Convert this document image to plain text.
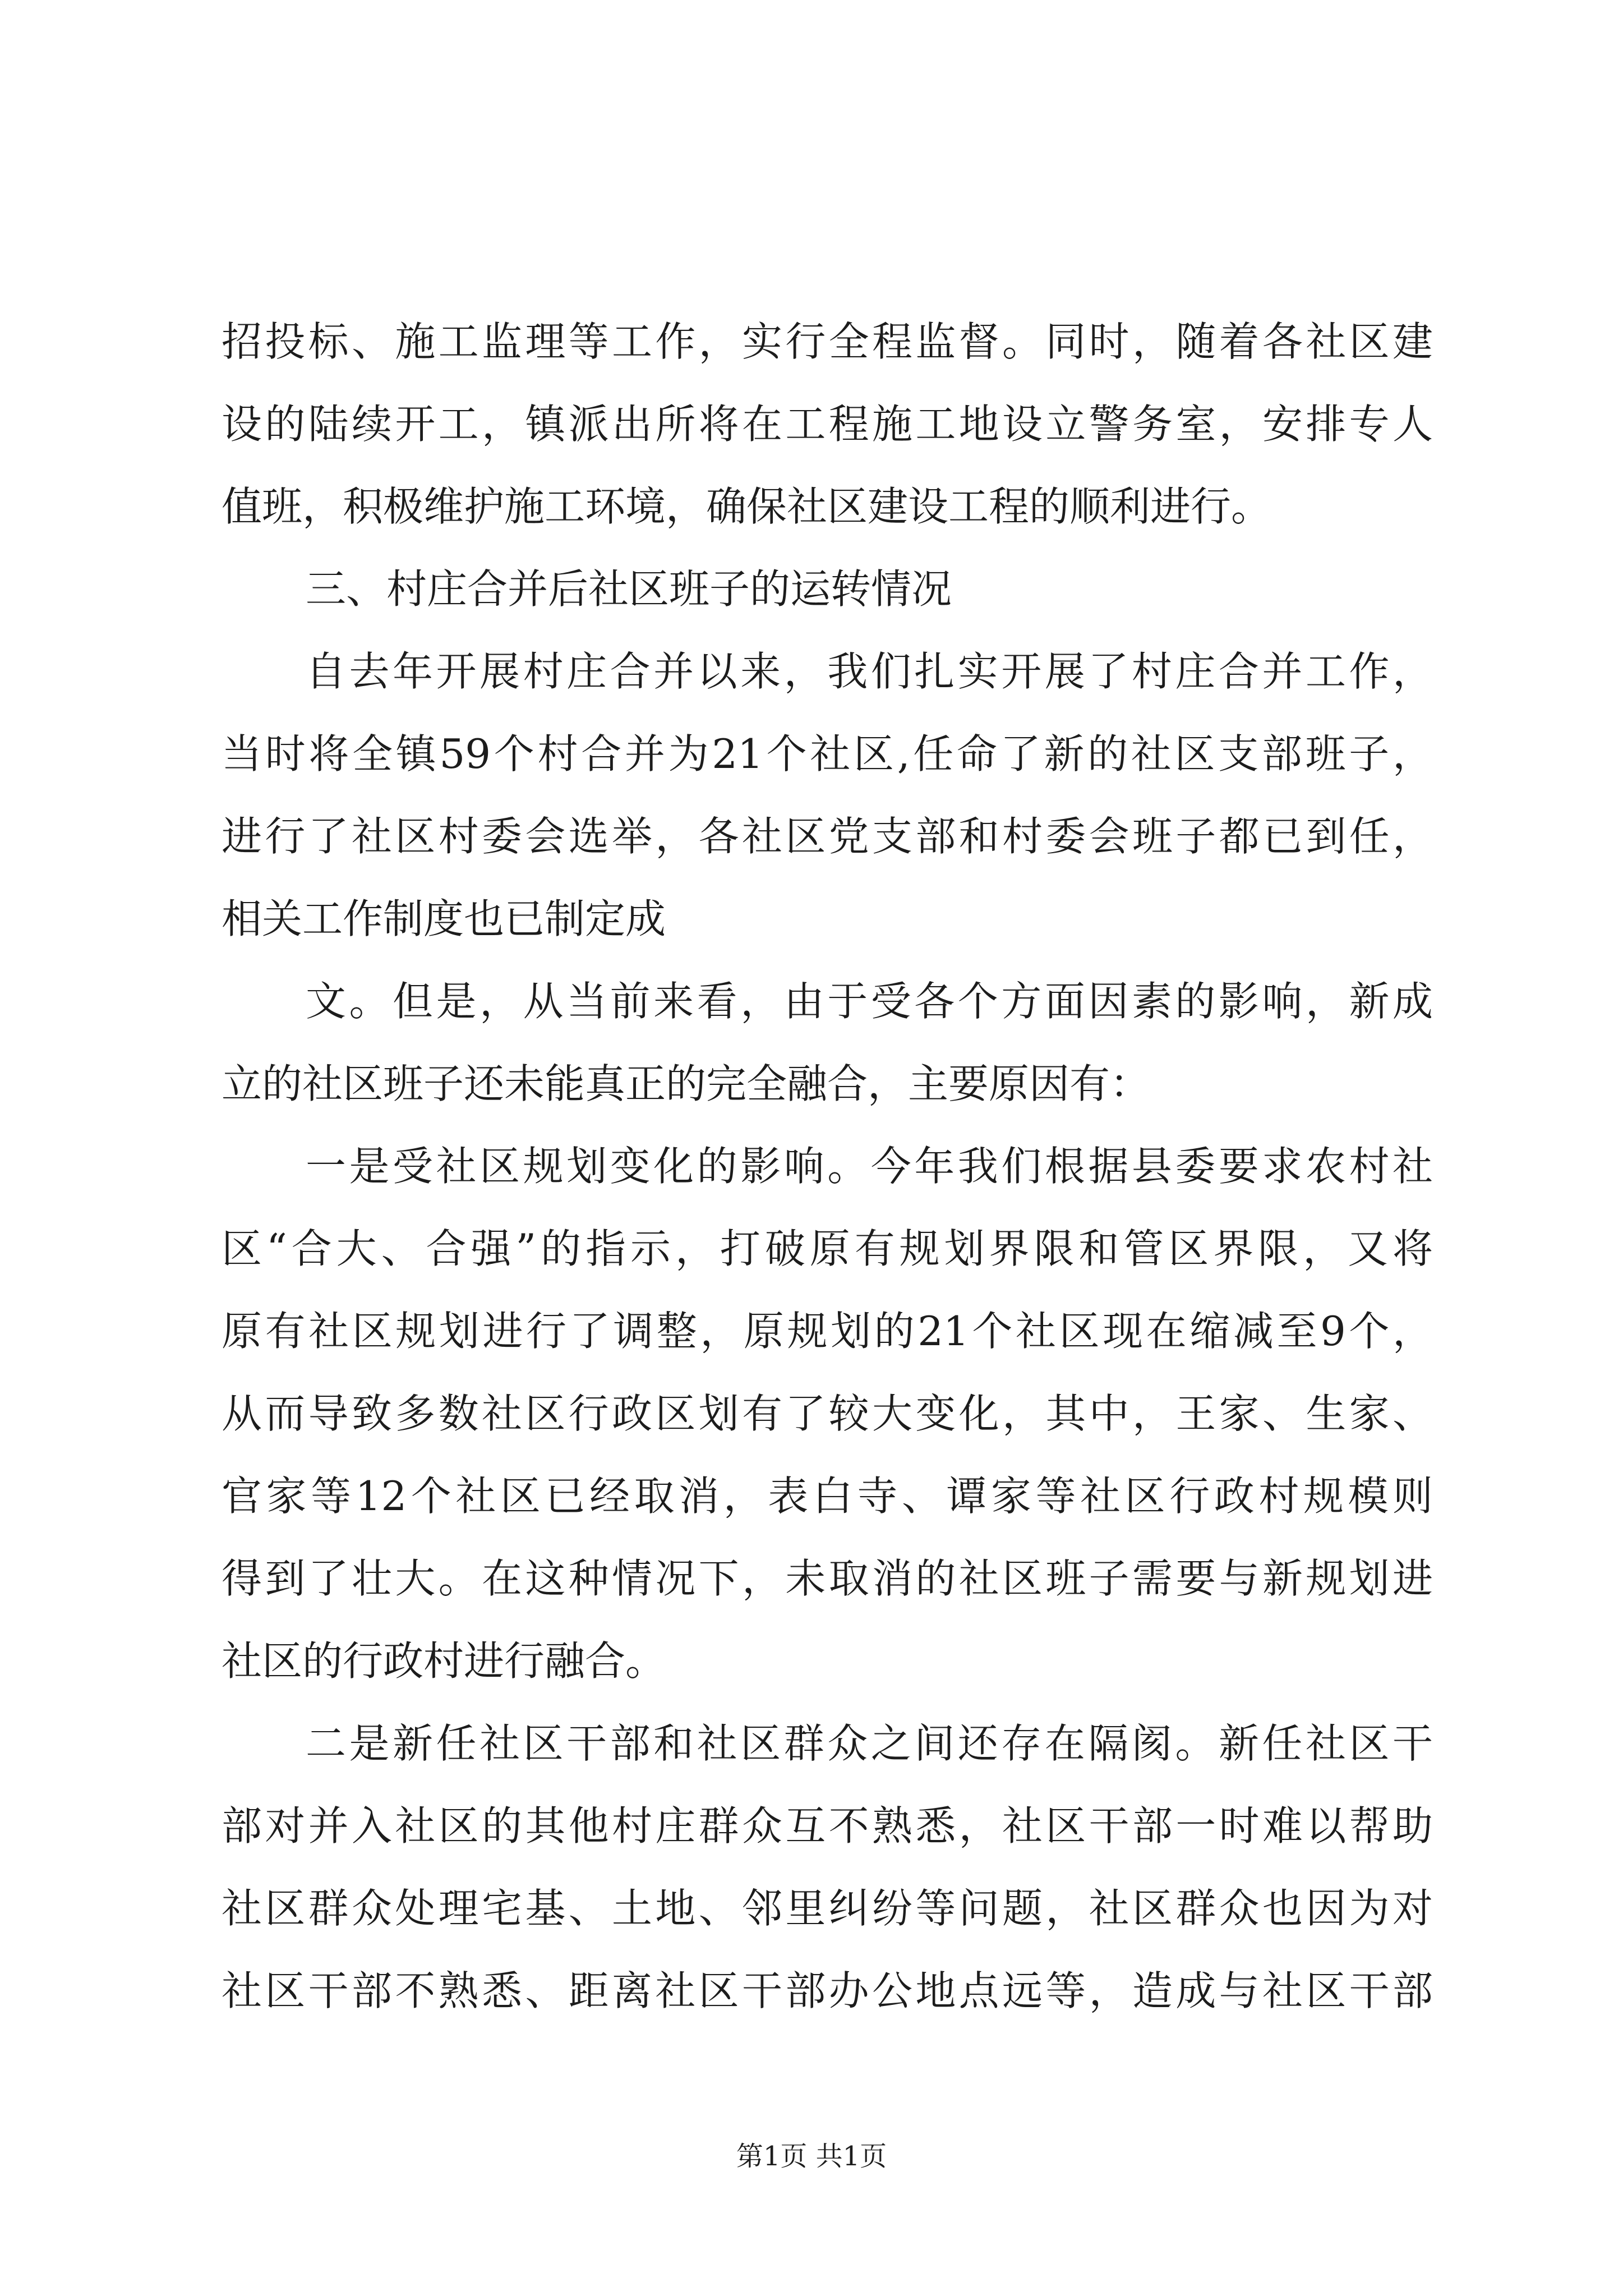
招投标、施工监理等工作，实行全程监督。同时，随着各社区建
设的陆续开工，镇派出所将在工程施工地设立警务室，安排专人
值班，积极维护施工环境，确保社区建设工程的顺利进行。
三、村庄合并后社区班子的运转情况
自去年开展村庄合并以来，我们扎实开展了村庄合并工作，
当时将全镇59个村合并为21个社区,任命了新的社区支部班子，
进行了社区村委会选举，各社区党支部和村委会班子都已到任，
相关工作制度也已制定成
文。但是，从当前来看，由于受各个方面因素的影响，新成
立的社区班子还未能真正的完全融合，主要原因有：
一是受社区规划变化的影响。今年我们根据县委要求农村社
区“合大、合强”的指示，打破原有规划界限和管区界限，又将
原有社区规划进行了调整，原规划的21个社区现在缩减至9个，
从而导致多数社区行政区划有了较大变化，其中，王家、生家、
官家等12个社区已经取消，表白寺、谭家等社区行政村规模则
得到了壮大。在这种情况下，未取消的社区班子需要与新规划进
社区的行政村进行融合。
二是新任社区干部和社区群众之间还存在隔阂。新任社区干
部对并入社区的其他村庄群众互不熟悉，社区干部一时难以帮助
社区群众处理宅基、土地、邻里纠纷等问题，社区群众也因为对
社区干部不熟悉、距离社区干部办公地点远等，造成与社区干部
第1页 共1页
